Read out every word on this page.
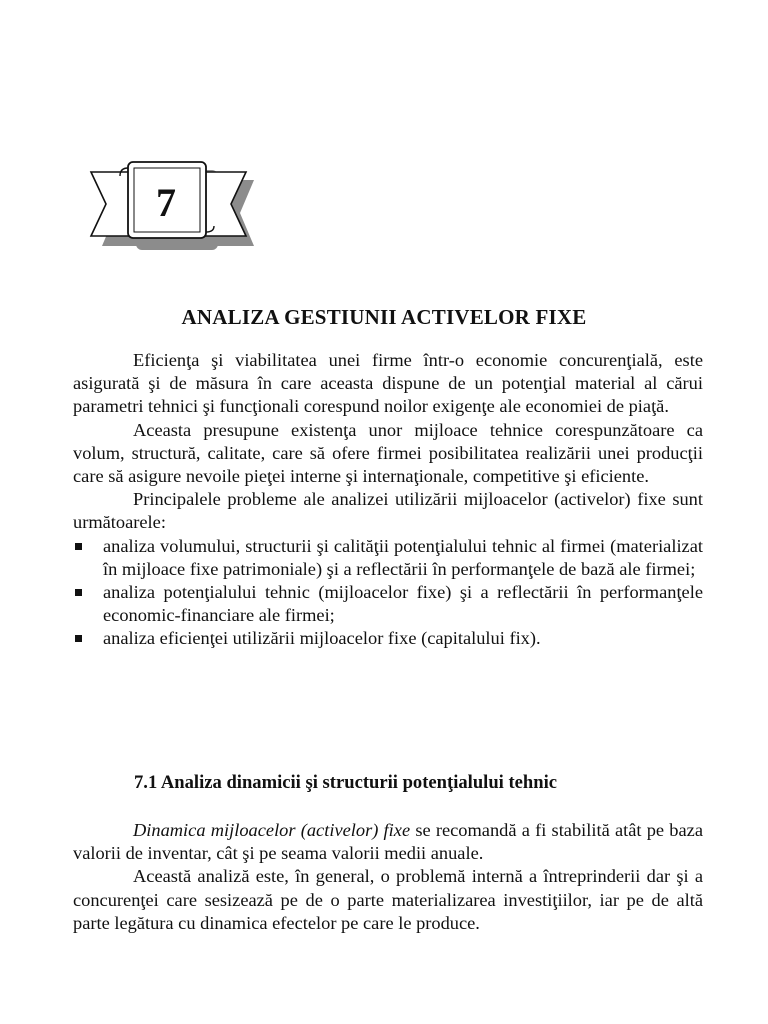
7
ANALIZA GESTIUNII ACTIVELOR FIXE

Eficienţa şi viabilitatea unei firme într-o economie concurenţială, este asigurată şi de măsura în care aceasta dispune de un potenţial material al cărui parametri tehnici şi funcţionali corespund noilor exigenţe ale economiei de piaţă.

Aceasta presupune existenţa unor mijloace tehnice corespunzătoare ca volum, structură, calitate, care să ofere firmei posibilitatea realizării unei producţii care să asigure nevoile pieţei interne şi internaţionale, competitive şi eficiente.

Principalele probleme ale analizei utilizării mijloacelor (activelor) fixe sunt următoarele:

analiza volumului, structurii şi calităţii potenţialului tehnic al firmei (materializat în mijloace fixe patrimoniale) şi a reflectării în performanţele de bază ale firmei;
analiza potenţialului tehnic (mijloacelor fixe) şi a reflectării în performanţele economic-financiare ale firmei;
analiza eficienţei utilizării mijloacelor fixe (capitalului fix).
7.1 Analiza dinamicii şi structurii potenţialului tehnic

Dinamica mijloacelor (activelor) fixe se recomandă a fi stabilită atât pe baza valorii de inventar, cât şi pe seama valorii medii anuale.

Această analiză este, în general, o problemă internă a întreprinderii dar şi a concurenţei care sesizează pe de o parte materializarea investiţiilor, iar pe de altă parte legătura cu dinamica efectelor pe care le produce.
